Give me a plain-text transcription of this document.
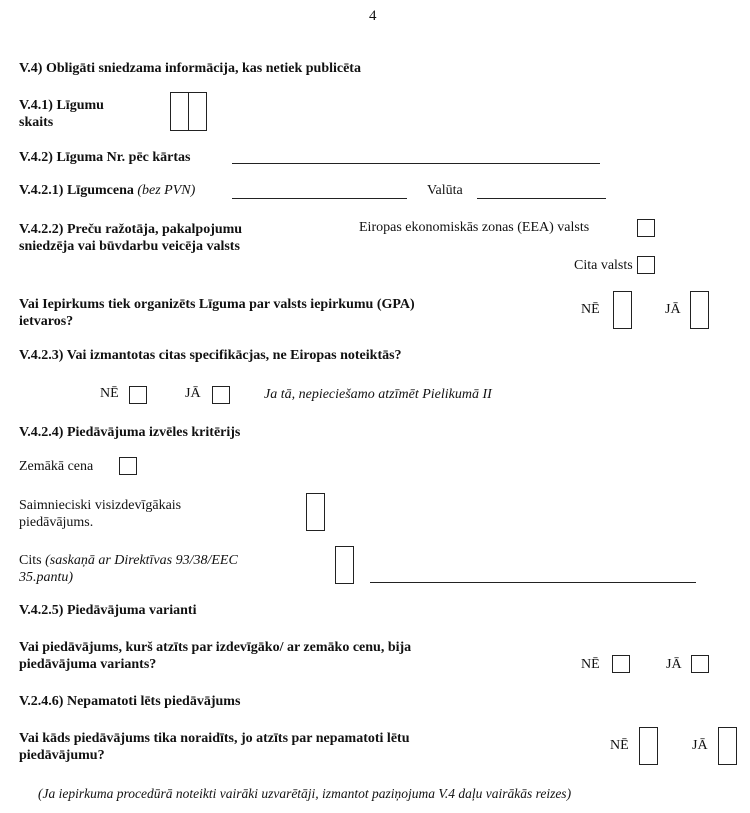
4
V.4) Obligāti sniedzama informācija, kas netiek publicēta
V.4.1) Līgumu
skaits
V.4.2) Līguma Nr. pēc kārtas
V.4.2.1) Līgumcena (bez PVN)	Valūta
V.4.2.2) Preču ražotāja, pakalpojumu
sniedzēja vai būvdarbu veicēja valsts
Eiropas ekonomiskās zonas (EEA) valsts
Cita valsts
Vai Iepirkums tiek organizēts Līguma par valsts iepirkumu (GPA)
ietvaros?
NĒ	JĀ
V.4.2.3) Vai izmantotas citas specifikācjas, ne Eiropas noteiktās?
NĒ	JĀ	Ja tā, nepieciešamo atzīmēt Pielikumā II
V.4.2.4) Piedāvājuma izvēles kritērijs
Zemākā cena
Saimnieciski visizdevīgākais
piedāvājums.
Cits (saskaņā ar Direktīvas 93/38/EEC
35.pantu)
V.4.2.5) Piedāvājuma varianti
Vai piedāvājums, kurš atzīts par izdevīgāko/ ar zemāko cenu, bija
piedāvājuma variants?	NĒ	JĀ
V.2.4.6) Nepamatoti lēts piedāvājums
Vai kāds piedāvājums tika noraidīts, jo atzīts par nepamatoti lētu
piedāvājumu?
NĒ	JĀ
(Ja iepirkuma procedūrā noteikti vairāki uzvarētāji, izmantot paziņojuma V.4 daļu vairākās reizes)
